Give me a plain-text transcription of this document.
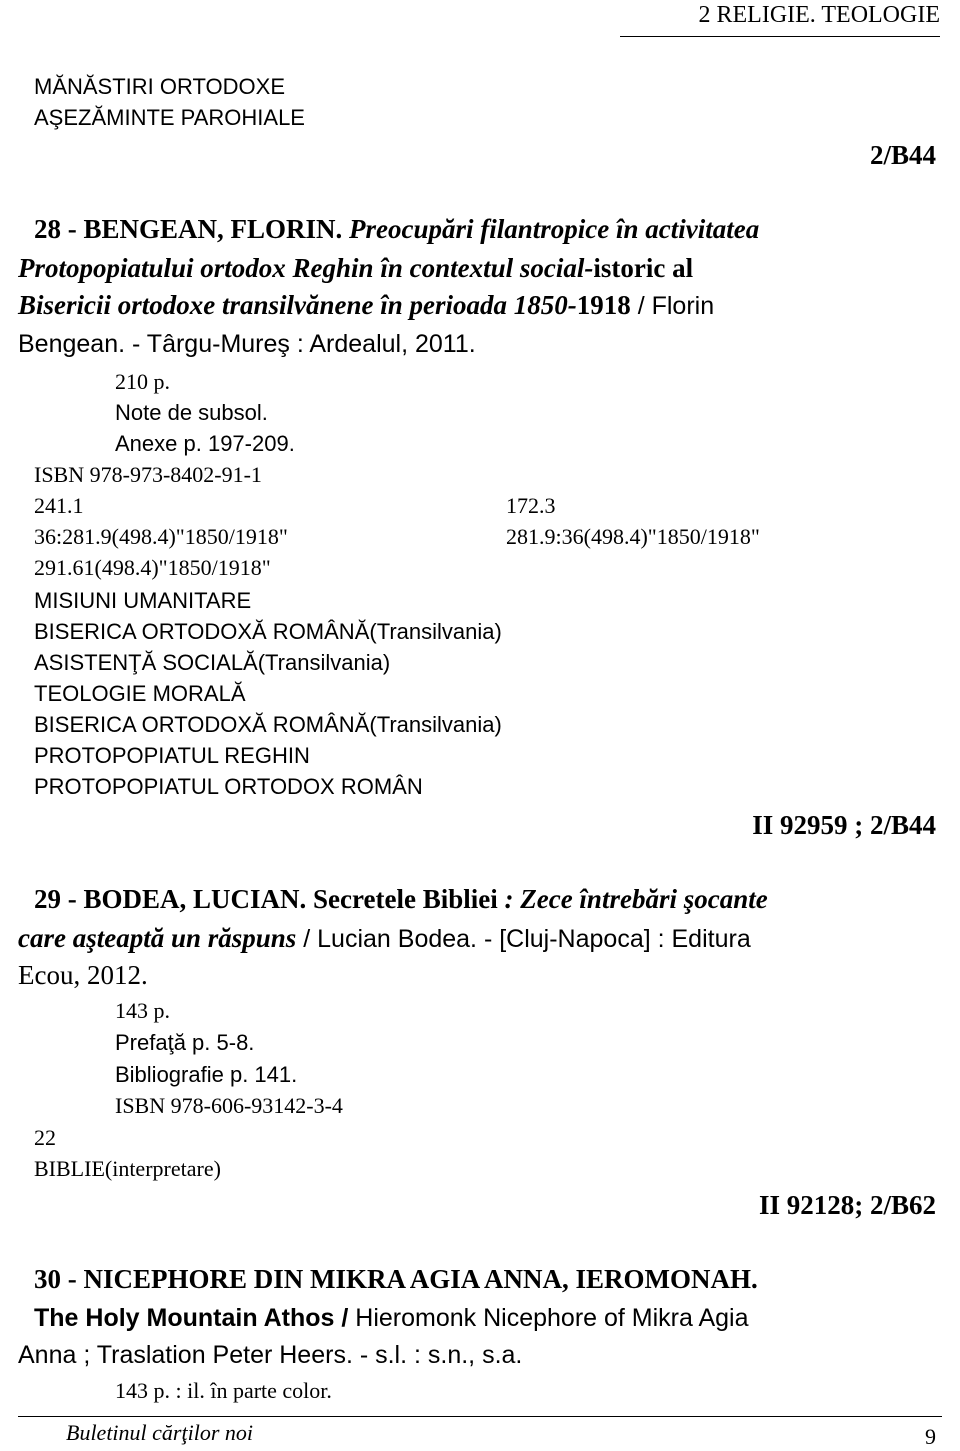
2 RELIGIE. TEOLOGIE
MĂNĂSTIRI ORTODOXE
AŞEZĂMINTE PAROHIALE
2/B44
28 - BENGEAN, FLORIN. Preocupări filantropice în activitatea
Protopopiatului ortodox Reghin în contextul social-istoric al
Bisericii ortodoxe transilvănene în perioada 1850-1918 / Florin
Bengean. - Târgu-Mureş : Ardealul, 2011.
210 p.
Note de subsol.
Anexe p. 197-209.
ISBN 978-973-8402-91-1
241.1	172.3
36:281.9(498.4)"1850/1918"	281.9:36(498.4)"1850/1918"
291.61(498.4)"1850/1918"
MISIUNI UMANITARE
BISERICA ORTODOXĂ ROMÂNĂ(Transilvania)
ASISTENŢĂ SOCIALĂ(Transilvania)
TEOLOGIE MORALĂ
BISERICA ORTODOXĂ ROMÂNĂ(Transilvania)
PROTOPOPIATUL REGHIN
PROTOPOPIATUL ORTODOX ROMÂN
II 92959 ; 2/B44
29 - BODEA, LUCIAN. Secretele Bibliei : Zece întrebări şocante
care aşteaptă un răspuns / Lucian Bodea. - [Cluj-Napoca] : Editura
Ecou, 2012.
143 p.
Prefaţă p. 5-8.
Bibliografie p. 141.
ISBN 978-606-93142-3-4
22
BIBLIE(interpretare)
II 92128; 2/B62
30 - NICEPHORE DIN MIKRA AGIA ANNA, IEROMONAH.
The Holy Mountain Athos / Hieromonk Nicephore of Mikra Agia
Anna ; Traslation Peter Heers. - s.l. : s.n., s.a.
143 p. : il. în parte color.
Buletinul cărţilor noi	9
